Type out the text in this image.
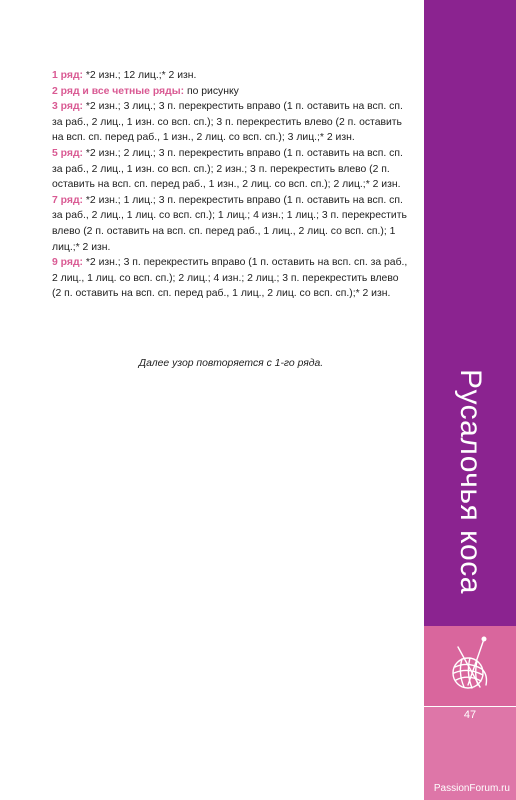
1 ряд: *2 изн.; 12 лиц.;* 2 изн.

2 ряд и все четные ряды: по рисунку

3 ряд: *2 изн.; 3 лиц.; 3 п. перекрестить вправо (1 п. оставить на всп. сп. за раб., 2 лиц., 1 изн. со всп. сп.); 3 п. перекрестить влево (2 п. оставить на всп. сп. перед раб., 1 изн., 2 лиц. со всп. сп.); 3 лиц.;* 2 изн.

5 ряд: *2 изн.; 2 лиц.; 3 п. перекрестить вправо (1 п. оставить на всп. сп. за раб., 2 лиц., 1 изн. со всп. сп.); 2 изн.; 3 п. перекрестить влево (2 п. оставить на всп. сп. перед раб., 1 изн., 2 лиц. со всп. сп.); 2 лиц.;* 2 изн.

7 ряд: *2 изн.; 1 лиц.; 3 п. перекрестить вправо (1 п. оставить на всп. сп. за раб., 2 лиц., 1 лиц. со всп. сп.); 1 лиц.; 4 изн.; 1 лиц.; 3 п. перекрестить влево (2 п. оставить на всп. сп. перед раб., 1 лиц., 2 лиц. со всп. сп.); 1 лиц.;* 2 изн.

9 ряд: *2 изн.; 3 п. перекрестить вправо (1 п. оставить на всп. сп. за раб., 2 лиц., 1 лиц. со всп. сп.); 2 лиц.; 4 изн.; 2 лиц.; 3 п. перекрестить влево (2 п. оставить на всп. сп. перед раб., 1 лиц., 2 лиц. со всп. сп.);* 2 изн.

Далее узор повторяется с 1-го ряда.
Русалочья коса
47
PassionForum.ru
